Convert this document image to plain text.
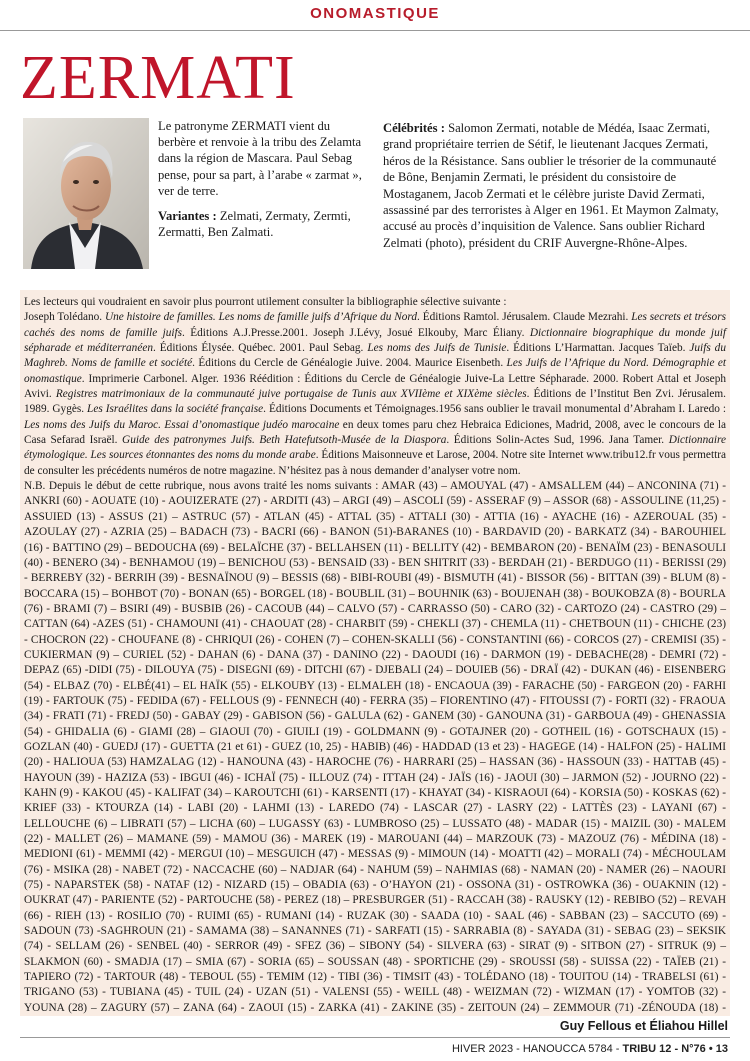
ONOMASTIQUE
ZERMATI

Le patronyme ZERMATI vient du berbère et renvoie à la tribu des Zelamta dans la région de Mascara. Paul Sebag pense, pour sa part, à l’arabe « zarmat », ver de terre.

Variantes : Zelmati, Zermaty, Zermti, Zermatti, Ben Zalmati.

Célébrités : Salomon Zermati, notable de Médéa, Isaac Zermati, grand propriétaire terrien de Sétif, le lieutenant Jacques Zermati, héros de la Résistance. Sans oublier le trésorier de la communauté de Bône, Benjamin Zermati, le président du consistoire de Mostaganem, Jacob Zermati et le célèbre juriste David Zermati, assassiné par des terroristes à Alger en 1961. Et Maymon Zalmaty, accusé au procès d’inquisition de Valence. Sans oublier Richard Zelmati (photo), président du CRIF Auvergne-Rhône-Alpes.

Les lecteurs qui voudraient en savoir plus pourront utilement consulter la bibliographie sélective suivante :

Joseph Tolédano. Une histoire de familles. Les noms de famille juifs d’Afrique du Nord. Éditions Ramtol. Jérusalem. Claude Mezrahi. Les secrets et trésors cachés des noms de famille juifs. Éditions A.J.Presse.2001. Joseph J.Lévy, Josué Elkouby, Marc Éliany. Dictionnaire biographique du monde juif sépharade et méditerranéen. Éditions Élysée. Québec. 2001. Paul Sebag. Les noms des Juifs de Tunisie. Éditions L’Harmattan. Jacques Taïeb. Juifs du Maghreb. Noms de famille et société. Éditions du Cercle de Généalogie Juive. 2004. Maurice Eisenbeth. Les Juifs de l’Afrique du Nord. Démographie et onomastique. Imprimerie Carbonel. Alger. 1936 Réédition : Éditions du Cercle de Généalogie Juive-La Lettre Sépharade. 2000. Robert Attal et Joseph Avivi. Registres matrimoniaux de la communauté juive portugaise de Tunis aux XVIIème et XIXème siècles. Éditions de l’Institut Ben Zvi. Jérusalem. 1989. Gygès. Les Israélites dans la société française. Éditions Documents et Témoignages.1956 sans oublier le travail monumental d’Abraham I. Laredo : Les noms des Juifs du Maroc. Essai d’onomastique judéo marocaine en deux tomes paru chez Hebraica Ediciones, Madrid, 2008, avec le concours de la Casa Sefarad Israël. Guide des patronymes Juifs. Beth Hatefutsoth-Musée de la Diaspora. Éditions Solin-Actes Sud, 1996. Jana Tamer. Dictionnaire étymologique. Les sources étonnantes des noms du monde arabe. Éditions Maisonneuve et Larose, 2004. Notre site Internet www.tribu12.fr vous permettra de consulter les précédents numéros de notre magazine. N’hésitez pas à nous demander d’analyser votre nom.

N.B. Depuis le début de cette rubrique, nous avons traité les noms suivants : AMAR (43) – AMOUYAL (47) - AMSALLEM (44) – ANCONINA (71) - ANKRI (60) - AOUATE (10) - AOUIZERATE (27) - ARDITI (43) – ARGI (49) – ASCOLI (59) - ASSERAF (9) – ASSOR (68) - ASSOULINE (11,25) - ASSUIED (13) - ASSUS (21) – ASTRUC (57) - ATLAN (45) - ATTAL (35) - ATTALI (30) - ATTIA (16) - AYACHE (16) - AZEROUAL (35) - AZOULAY (27) - AZRIA (25) – BADACH (73) - BACRI (66) - BANON (51)-BARANES (10) - BARDAVID (20) - BARKATZ (34) - BAROUHIEL (16) - BATTINO (29) – BEDOUCHA (69) - BELAÏCHE (37) - BELLAHSEN (11) - BELLITY (42) - BEMBARON (20) - BENAÏM (23) - BENASOULI (40) - BENERO (34) - BENHAMOU (19) – BENICHOU (53) - BENSAID (33) - BEN SHITRIT (33) - BERDAH (21) - BERDUGO (11) - BERISSI (29) - BERREBY (32) - BERRIH (39) - BESNAÏNOU (9) – BESSIS (68) - BIBI-ROUBI (49) - BISMUTH (41) - BISSOR (56) - BITTAN (39) - BLUM (8) - BOCCARA (15) – BOHBOT (70) - BONAN (65) - BORGEL (18) - BOUBLIL (31) – BOUHNIK (63) - BOUJENAH (38) - BOUKOBZA (8) - BOURLA (76) - BRAMI (7) – BSIRI (49) - BUSBIB (26) - CACOUB (44) – CALVO (57) - CARRASSO (50) - CARO (32) - CARTOZO (24) - CASTRO (29) – CATTAN (64) -AZES (51) - CHAMOUNI (41) - CHAOUAT (28) - CHARBIT (59) - CHEKLI (37) - CHEMLA (11) - CHETBOUN (11) - CHICHE (23) - CHOCRON (22) - CHOUFANE (8) - CHRIQUI (26) - COHEN (7) – COHEN-SKALLI (56) - CONSTANTINI (66) - CORCOS (27) - CREMISI (35) - CUKIERMAN (9) – CURIEL (52) - DAHAN (6) - DANA (37) - DANINO (22) - DAOUDI (16) - DARMON (19) - DEBACHE(28) - DEMRI (72) - DEPAZ (65) -DIDI (75) - DILOUYA (75) - DISEGNI (69) - DITCHI (67) - DJEBALI (24) – DOUIEB (56) - DRAÏ (42) - DUKAN (46) - EISENBERG (54) - ELBAZ (70) - ELBÉ(41) – EL HAÏK (55) - ELKOUBY (13) - ELMALEH (18) - ENCAOUA (39) - FARACHE (50) - FARGEON (20) - FARHI (19) - FARTOUK (75) - FEDIDA (67) - FELLOUS (9) - FENNECH (40) - FERRA (35) – FIORENTINO (47) - FITOUSSI (7) - FORTI (32) - FRAOUA (34) - FRATI (71) - FREDJ (50) - GABAY (29) - GABISON (56) - GALULA (62) - GANEM (30) - GANOUNA (31) - GARBOUA (49) - GHENASSIA (54) - GHIDALIA (6) - GIAMI (28) – GIAOUI (70) - GIUILI (19) - GOLDMANN (9) - GOTAJNER (20) - GOTHEIL (16) - GOTSCHAUX (15) - GOZLAN (40) - GUEDJ (17) - GUETTA (21 et 61) - GUEZ (10, 25) - HABIB) (46) - HADDAD (13 et 23) - HAGEGE (14) - HALFON (25) - HALIMI (20) - HALIOUA (53) HAMZALAG (12) - HANOUNA (43) - HAROCHE (76) - HARRARI (25) – HASSAN (36) - HASSOUN (33) - HATTAB (45) - HAYOUN (39) - HAZIZA (53) - IBGUI (46) - ICHAÏ (75) - ILLOUZ (74) - ITTAH (24) - JAÏS (16) - JAOUI (30) – JARMON (52) - JOURNO (22) - KAHN (9) - KAKOU (45) - KALIFAT (34) – KAROUTCHI (61) - KARSENTI (17) - KHAYAT (34) - KISRAOUI (64) - KORSIA (50) - KOSKAS (62) - KRIEF (33) - KTOURZA (14) - LABI (20) - LAHMI (13) - LAREDO (74) - LASCAR (27) - LASRY (22) - LATTÈS (23) - LAYANI (67) - LELLOUCHE (6) – LIBRATI (57) – LICHA (60) – LUGASSY (63) - LUMBROSO (25) – LUSSATO (48) - MADAR (15) - MAIZIL (30) - MALEM (22) - MALLET (26) – MAMANE (59) - MAMOU (36) - MAREK (19) - MAROUANI (44) – MARZOUK (73) - MAZOUZ (76) - MÉDINA (18) - MEDIONI (61) - MEMMI (42) - MERGUI (10) – MESGUICH (47) - MESSAS (9) - MIMOUN (14) - MOATTI (42) – MORALI (74) - MÉCHOULAM (76) - MSIKA (28) - NABET (72) - NACCACHE (60) – NADJAR (64) - NAHUM (59) – NAHMIAS (68) - NAMAN (20) - NAMER (26) – NAOURI (75) - NAPARSTEK (58) - NATAF (12) - NIZARD (15) – OBADIA (63) - O’HAYON (21) - OSSONA (31) - OSTROWKA (36) - OUAKNIN (12) - OUKRAT (47) - PARIENTE (52) - PARTOUCHE (58) - PEREZ (18) – PRESBURGER (51) - RACCAH (38) - RAUSKY (12) - REBIBO (52) – REVAH (66) - RIEH (13) - ROSILIO (70) - RUIMI (65) - RUMANI (14) - RUZAK (30) - SAADA (10) - SAAL (46) - SABBAN (23) – SACCUTO (69) - SADOUN (73) -SAGHROUN (21) - SAMAMA (38) – SANANNES (71) - SARFATI (15) - SARRABIA (8) - SAYADA (31) - SEBAG (23) – SEKSIK (74) - SELLAM (26) - SENBEL (40) - SERROR (49) - SFEZ (36) – SIBONY (54) - SILVERA (63) - SIRAT (9) - SITBON (27) - SITRUK (9) – SLAKMON (60) - SMADJA (17) – SMIA (67) - SORIA (65) – SOUSSAN (48) - SPORTICHE (29) - SROUSSI (58) - SUISSA (22) - TAÏEB (21) - TAPIERO (72) - TARTOUR (48) - TEBOUL (55) - TEMIM (12) - TIBI (36) - TIMSIT (43) - TOLÉDANO (18) - TOUITOU (14) - TRABELSI (61) - TRIGANO (53) - TUBIANA (45) - TUIL (24) - UZAN (51) - VALENSI (55) - WEILL (48) - WEIZMAN (72) - WIZMAN (17) - YOMTOB (32) - YOUNA (28) – ZAGURY (57) – ZANA (64) - ZAOUI (15) - ZARKA (41) - ZAKINE (35) - ZEITOUN (24) – ZEMMOUR (71) -ZÉNOUDA (18) -

Guy Fellous et Éliahou Hillel
HIVER 2023 - HANOUCCA 5784 - TRIBU 12 - N°76 • 13
